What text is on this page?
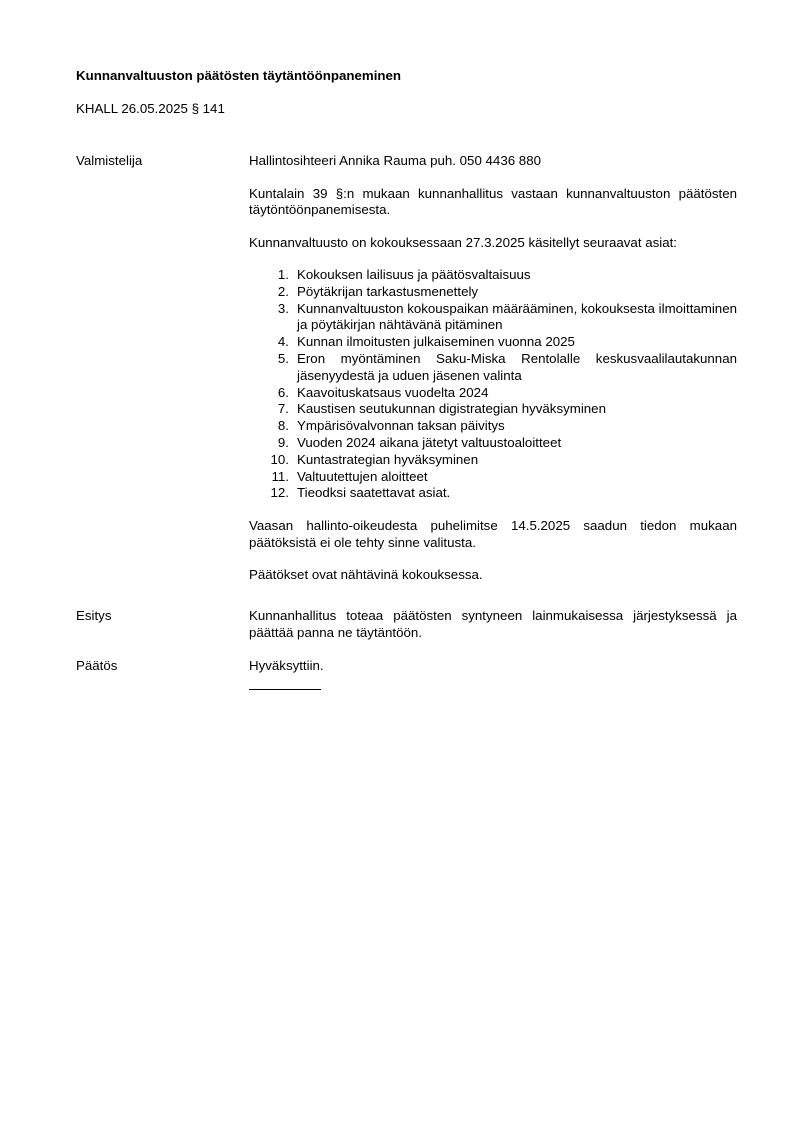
Kunnanvaltuuston päätösten täytäntöönpaneminen
KHALL 26.05.2025 § 141
Valmistelija	Hallintosihteeri Annika Rauma puh. 050 4436 880

Kuntalain 39 §:n mukaan kunnanhallitus vastaan kunnanvaltuuston päätösten täytöntöönpanemisesta.

Kunnanvaltuusto on kokouksessaan 27.3.2025 käsitellyt seuraavat asiat:

1. Kokouksen lailisuus ja päätösvaltaisuus
2. Pöytäkrijan tarkastusmenettely
3. Kunnanvaltuuston kokouspaikan määrääminen, kokouksesta ilmoittaminen ja pöytäkirjan nähtävänä pitäminen
4. Kunnan ilmoitusten julkaiseminen vuonna 2025
5. Eron myöntäminen Saku-Miska Rentolalle keskusvaalilautakunnan jäsenyydestä ja uduen jäsenen valinta
6. Kaavoituskatsaus vuodelta 2024
7. Kaustisen seutukunnan digistrategian hyväksyminen
8. Ympärisövalvonnan taksan päivitys
9. Vuoden 2024 aikana jätetyt valtuustoaloitteet
10. Kuntastrategian hyväksyminen
11. Valtuutettujen aloitteet
12. Tieodksi saatettavat asiat.

Vaasan hallinto-oikeudesta puhelimitse 14.5.2025 saadun tiedon mukaan päätöksistä ei ole tehty sinne valitusta.

Päätökset ovat nähtävinä kokouksessa.

Esitys	Kunnanhallitus toteaa päätösten syntyneen lainmukaisessa järjestyksessä ja päättää panna ne täytäntöön.

Päätös	Hyväksyttiin.
